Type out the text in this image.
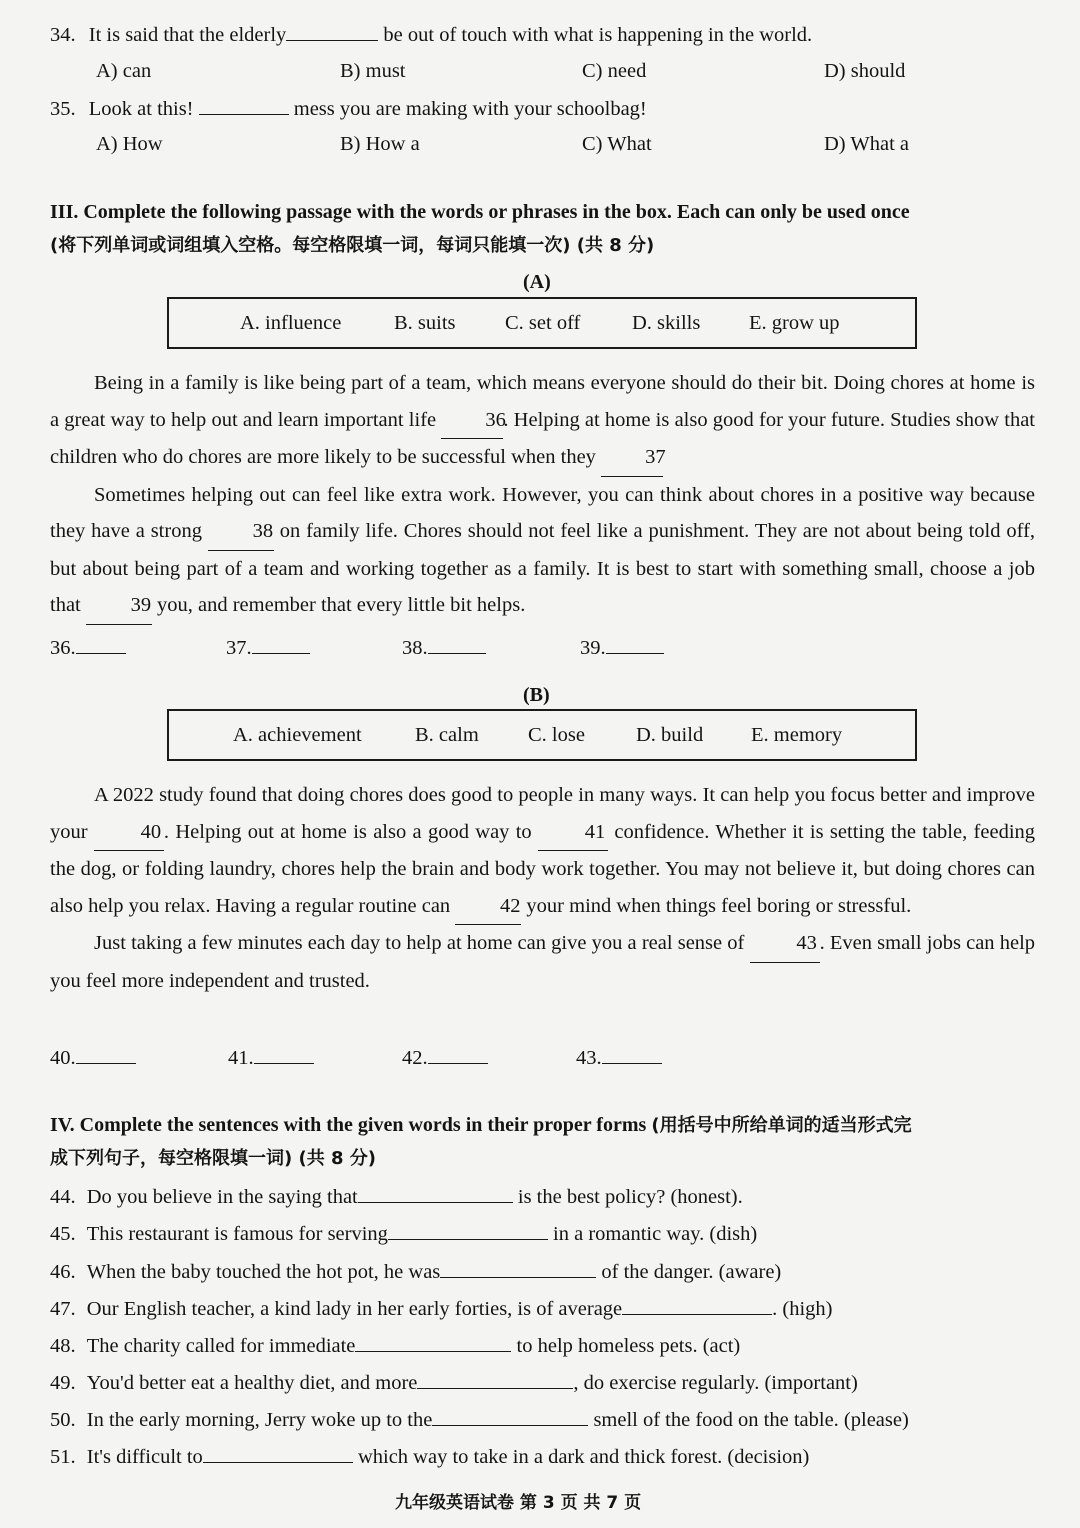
34. It is said that the elderly	be out of touch with what is happening in the world.
A) can	B) must	C) need	D) should
35. Look at this!	mess you are making with your schoolbag!
A) How	B) How a	C) What	D) What a
III. Complete the following passage with the words or phrases in the box. Each can only be used once
(将下列单词或词组填入空格。每空格限填一词，每词只能填一次) (共 8 分)
(A)
A. influence	B. suits C. set off	D. skills E. grow up

Being in a family is like being part of a team, which means everyone should do their bit. Doing chores at home is a great way to help out and learn important life 36. Helping at home is also good for your future. Studies show that children who do chores are more likely to be successful when they 37

Sometimes helping out can feel like extra work. However, you can think about chores in a positive way because they have a strong 38 on family life. Chores should not feel like a punishment. They are not about being told off, but about being part of a team and working together as a family. It is best to start with something small, choose a job that 39 you, and remember that every little bit helps.

36.	37.	38.	39.
(B)
A. achievement	B. calm C. lose D. build E. memory

A 2022 study found that doing chores does good to people in many ways. It can help you focus better and improve your	40 . Helping out at home is also a good way to	41 confidence. Whether it is setting the table, feeding the dog, or folding laundry, chores help the brain and body work together. You may not believe it, but doing chores can also help you relax. Having a regular routine can 42 your mind when things feel boring or stressful.

Just taking a few minutes each day to help at home can give you a real sense of	43 . Even small jobs can help you feel more independent and trusted.

40.	41.	42.	43.
IV. Complete the sentences with the given words in their proper forms (用括号中所给单词的适当形式完
成下列句子，每空格限填一词) (共 8 分)
44. Do you believe in the saying that	is the best policy? (honest).
45. This restaurant is famous for serving	in a romantic way. (dish)
46. When the baby touched the hot pot, he was	of the danger. (aware)
47. Our English teacher, a kind lady in her early forties, is of average	. (high)
48. The charity called for immediate	to help homeless pets. (act)
49. You'd better eat a healthy diet, and more	, do exercise regularly. (important)
50. In the early morning, Jerry woke up to the	smell of the food on the table. (please)
51. It's difficult to	which way to take in a dark and thick forest. (decision)
九年级英语试卷 第 3 页 共 7 页
